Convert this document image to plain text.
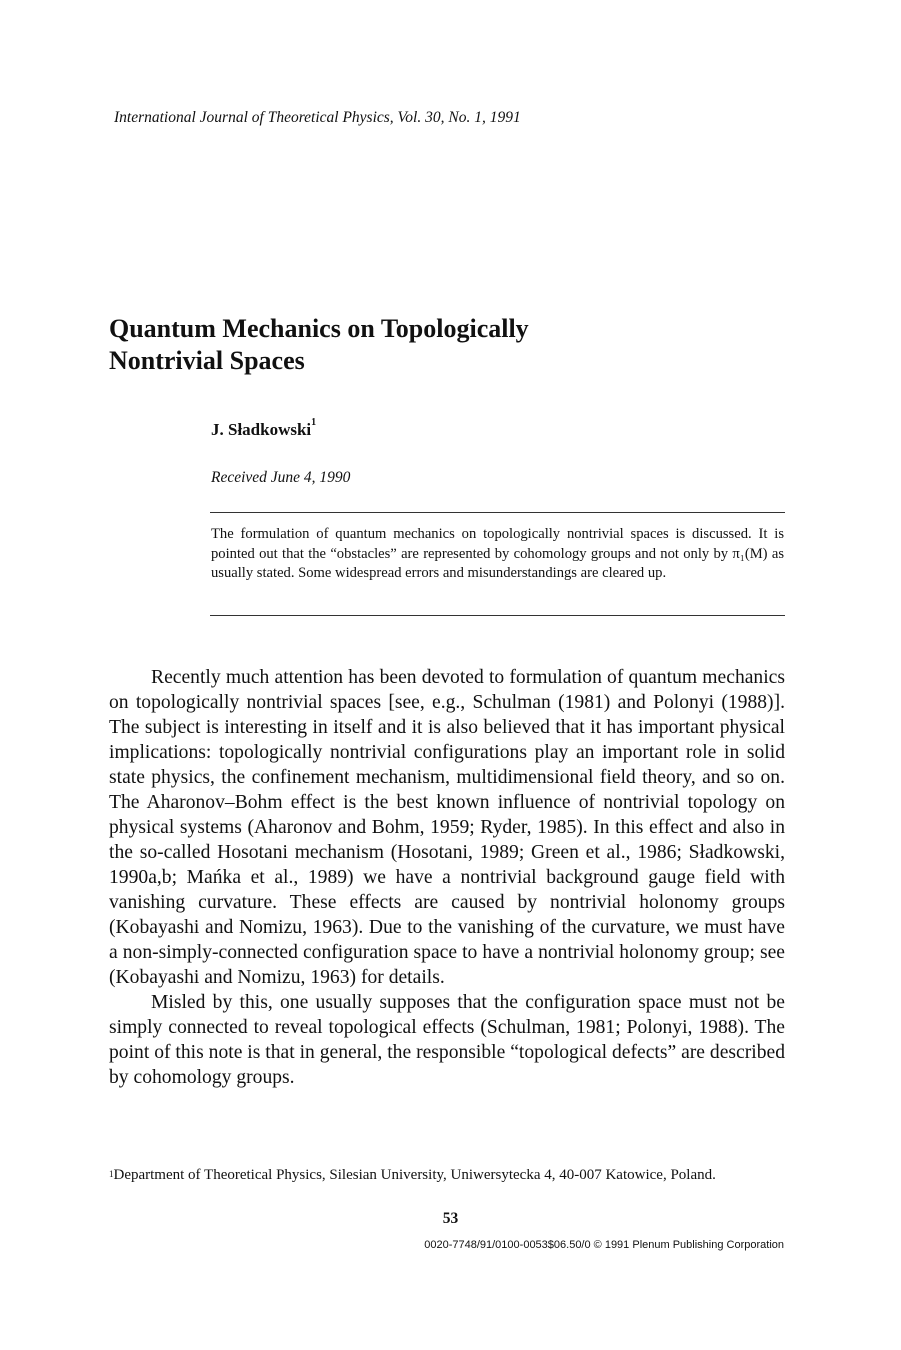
International Journal of Theoretical Physics, Vol. 30, No. 1, 1991
Quantum Mechanics on Topologically
Nontrivial Spaces
J. Sładkowski$^1$
Received June 4, 1990

The formulation of quantum mechanics on topologically nontrivial spaces is discussed. It is pointed out that the “obstacles” are represented by cohomology groups and not only by π₁(M) as usually stated. Some widespread errors and misunderstandings are cleared up.

Recently much attention has been devoted to formulation of quantum mechanics on topologically nontrivial spaces [see, e.g., Schulman (1981) and Polonyi (1988)]. The subject is interesting in itself and it is also believed that it has important physical implications: topologically nontrivial configurations play an important role in solid state physics, the confinement mechanism, multidimensional field theory, and so on. The Aharonov–Bohm effect is the best known influence of nontrivial topology on physical systems (Aharonov and Bohm, 1959; Ryder, 1985). In this effect and also in the so-called Hosotani mechanism (Hosotani, 1989; Green et al., 1986; Sładkowski, 1990a,b; Mańka et al., 1989) we have a nontrivial background gauge field with vanishing curvature. These effects are caused by nontrivial holonomy groups (Kobayashi and Nomizu, 1963). Due to the vanishing of the curvature, we must have a non-simply-connected configuration space to have a nontrivial holonomy group; see (Kobayashi and Nomizu, 1963) for details.

Misled by this, one usually supposes that the configuration space must not be simply connected to reveal topological effects (Schulman, 1981; Polonyi, 1988). The point of this note is that in general, the responsible “topological defects” are described by cohomology groups.

$^1$Department of Theoretical Physics, Silesian University, Uniwersytecka 4, 40-007 Katowice, Poland.

53
0020-7748/91/0100-0053$06.50/0 © 1991 Plenum Publishing Corporation
